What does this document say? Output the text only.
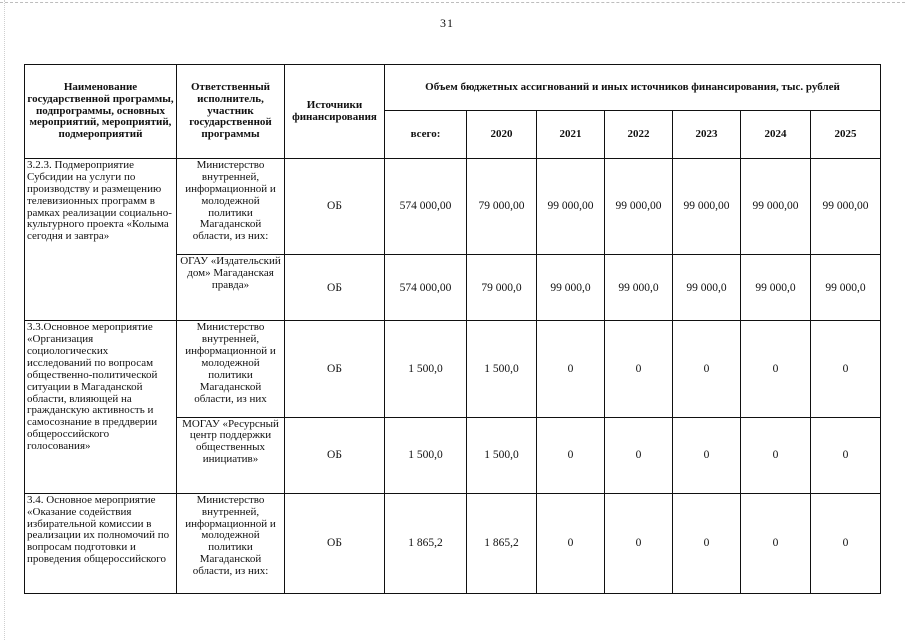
31
Наименование государственной программы, подпрограммы, основных мероприятий, мероприятий, подмероприятий	Ответственный исполнитель, участник государственной программы	Источники финансирования	Объем бюджетных ассигнований и иных источников финансирования, тыс. рублей						
			всего:	2020	2021	2022	2023	2024	2025
3.2.3. Подмероприятие Субсидии на услуги по производству и размещению телевизионных программ в рамках реализации социально-культурного проекта «Колыма сегодня и завтра»	Министерство внутренней, информационной и молодежной политики Магаданской области, из них:	ОБ	574 000,00	79 000,00	99 000,00	99 000,00	99 000,00	99 000,00	99 000,00
	ОГАУ «Издательский дом» Магаданская правда»	ОБ	574 000,00	79 000,0	99 000,0	99 000,0	99 000,0	99 000,0	99 000,0
3.3.Основное мероприятие «Организация социологических исследований по вопросам общественно-политической ситуации в Магаданской области, влияющей на гражданскую активность и самосознание в преддверии общероссийского голосования»	Министерство внутренней, информационной и молодежной политики Магаданской области, из них	ОБ	1 500,0	1 500,0	0	0	0	0	0
	МОГАУ «Ресурсный центр поддержки общественных инициатив»	ОБ	1 500,0	1 500,0	0	0	0	0	0
3.4. Основное мероприятие «Оказание содействия избирательной комиссии в реализации их полномочий по вопросам подготовки и проведения общероссийского	Министерство внутренней, информационной и молодежной политики Магаданской области, из них:	ОБ	1 865,2	1 865,2	0	0	0	0	0
